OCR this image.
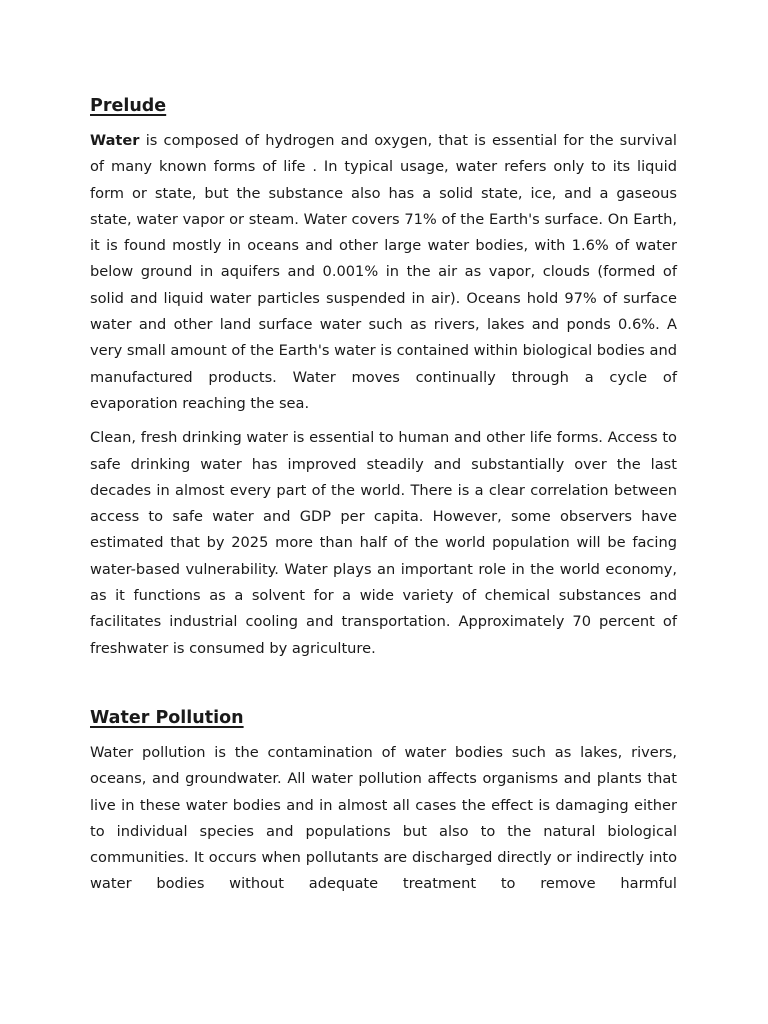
Prelude

Water is composed of hydrogen and oxygen, that is essential for the survival of many known forms of life . In typical usage, water refers only to its liquid form or state, but the substance also has a solid state, ice, and a gaseous state, water vapor or steam. Water covers 71% of the Earth's surface. On Earth, it is found mostly in oceans and other large water bodies, with 1.6% of water below ground in aquifers and 0.001% in the air as vapor, clouds (formed of solid and liquid water particles suspended in air). Oceans hold 97% of surface water and other land surface water such as rivers, lakes and ponds 0.6%. A very small amount of the Earth's water is contained within biological bodies and manufactured products. Water moves continually through a cycle of evaporation reaching the sea.

Clean, fresh drinking water is essential to human and other life forms. Access to safe drinking water has improved steadily and substantially over the last decades in almost every part of the world. There is a clear correlation between access to safe water and GDP per capita. However, some observers have estimated that by 2025 more than half of the world population will be facing water-based vulnerability. Water plays an important role in the world economy, as it functions as a solvent for a wide variety of chemical substances and facilitates industrial cooling and transportation. Approximately 70 percent of freshwater is consumed by agriculture.

Water Pollution

Water pollution is the contamination of water bodies such as lakes, rivers, oceans, and groundwater. All water pollution affects organisms and plants that live in these water bodies and in almost all cases the effect is damaging either to individual species and populations but also to the natural biological communities. It occurs when pollutants are discharged directly or indirectly into water bodies without adequate treatment to remove harmful
